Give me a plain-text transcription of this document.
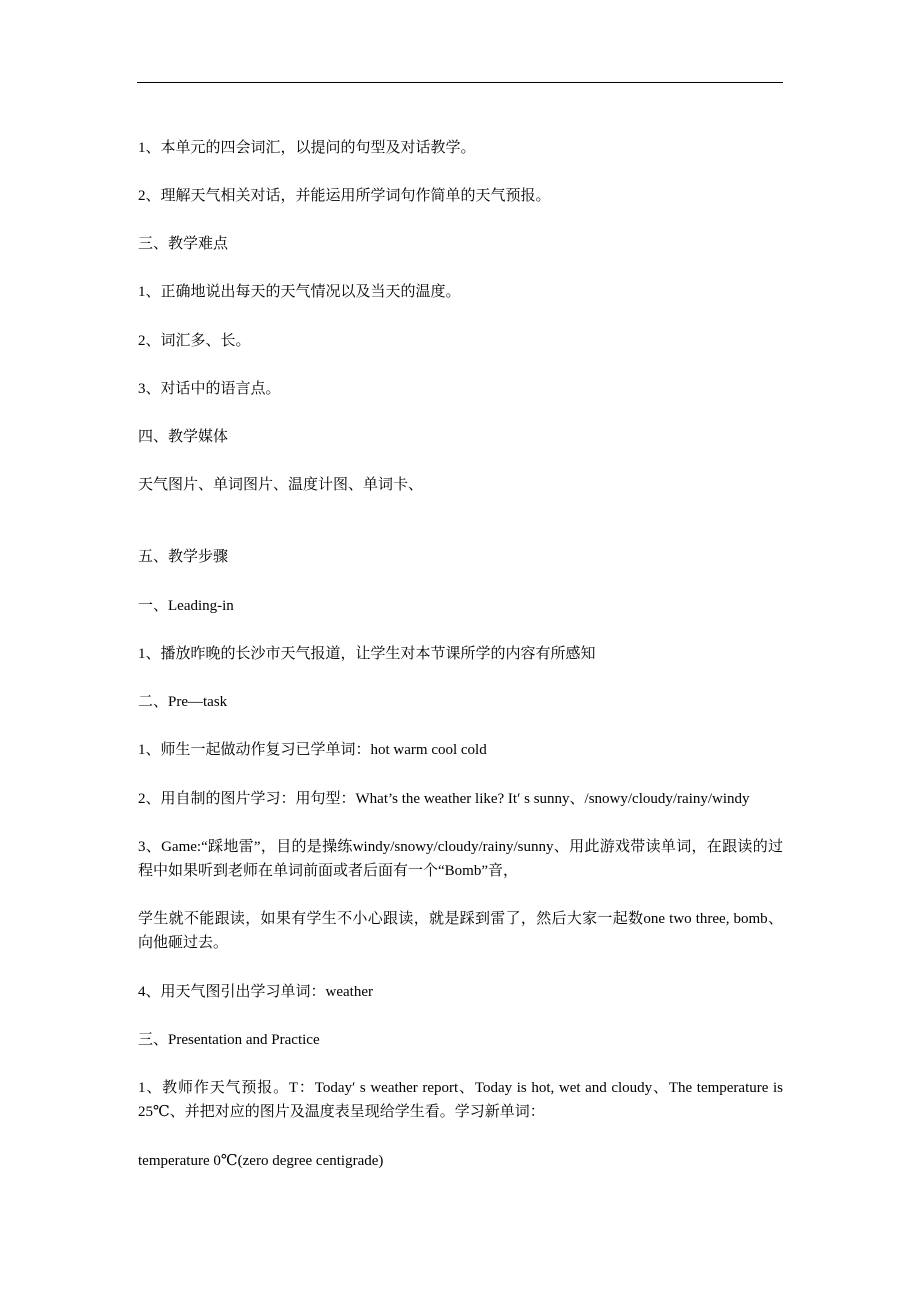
1、本单元的四会词汇，以提问的句型及对话教学。

2、理解天气相关对话，并能运用所学词句作简单的天气预报。

三、教学难点

1、正确地说出每天的天气情况以及当天的温度。

2、词汇多、长。

3、对话中的语言点。

四、教学媒体

天气图片、单词图片、温度计图、单词卡、

五、教学步骤

一、Leading-in

1、播放昨晚的长沙市天气报道，让学生对本节课所学的内容有所感知

二、Pre—task

1、师生一起做动作复习已学单词：hot warm cool cold

2、用自制的图片学习：用句型：What’s the weather like? It′ s sunny、/snowy/cloudy/rainy/windy

3、Game:“踩地雷”，目的是操练windy/snowy/cloudy/rainy/sunny、用此游戏带读单词，在跟读的过程中如果听到老师在单词前面或者后面有一个“Bomb”音，

学生就不能跟读，如果有学生不小心跟读，就是踩到雷了，然后大家一起数one two three, bomb、向他砸过去。

4、用天气图引出学习单词：weather

三、Presentation and Practice

1、教师作天气预报。T：Today′ s weather report、Today is hot, wet and cloudy、The temperature is 25℃、并把对应的图片及温度表呈现给学生看。学习新单词：

temperature 0℃(zero degree centigrade)
